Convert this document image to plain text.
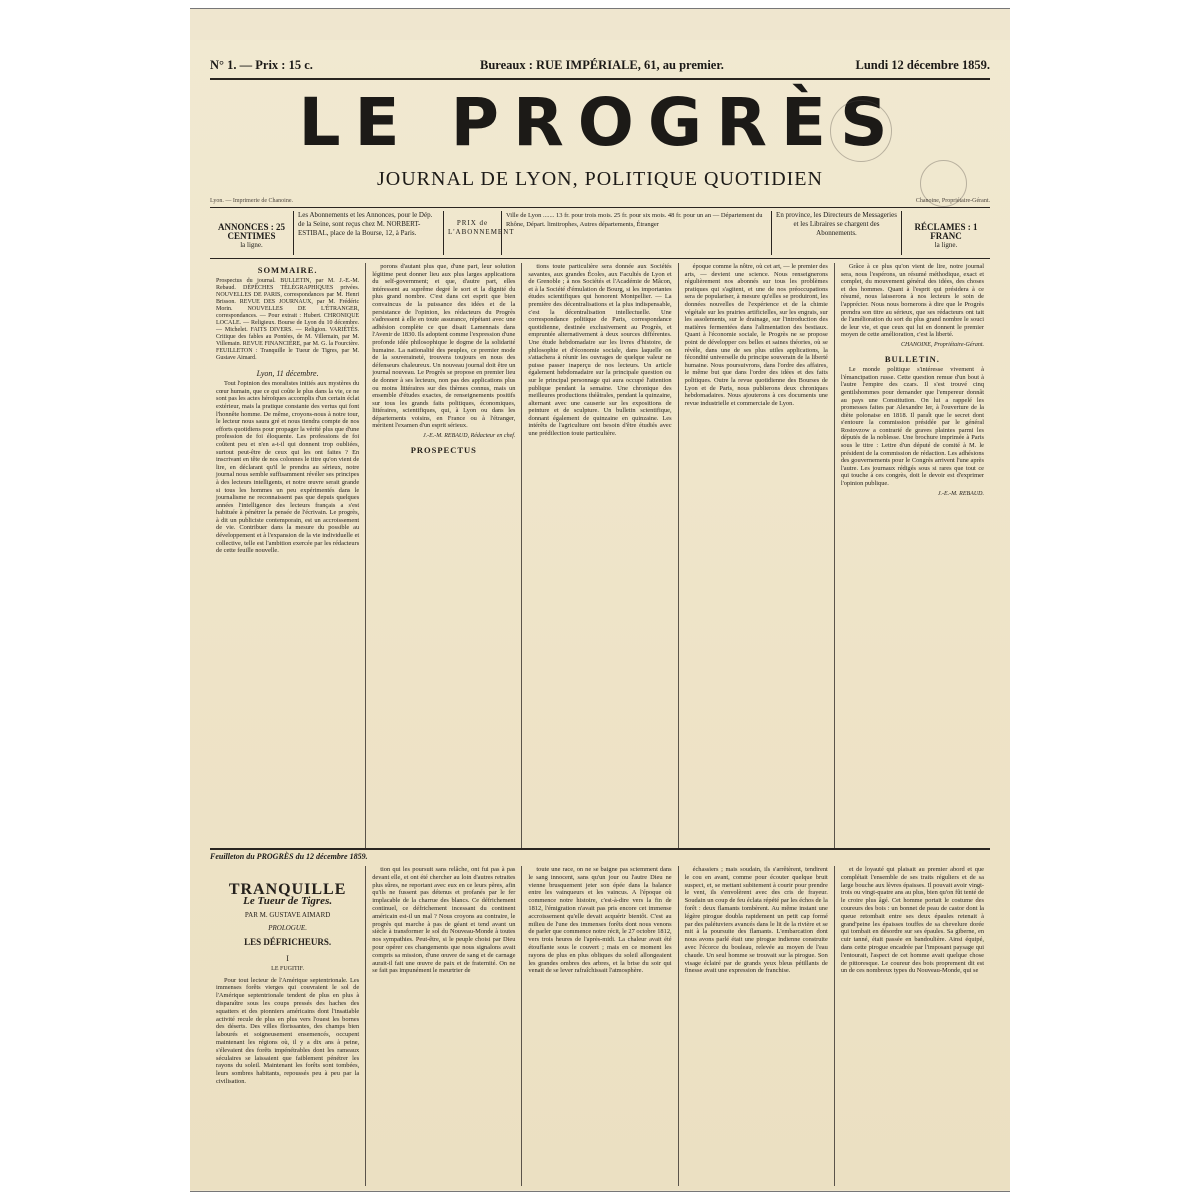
N° 1. — Prix : 15 c.	Bureaux : RUE IMPÉRIALE, 61, au premier.	Lundi 12 décembre 1859.
LE PROGRÈS
JOURNAL DE LYON, POLITIQUE QUOTIDIEN
Lyon. — Imprimerie de Chanoine.	Chanoine, Propriétaire-Gérant.
ANNONCES : 25 CENTIMES
la ligne.
Les Abonnements et les Annonces, pour le Dép. de la Seine, sont reçus chez M. NORBERT-ESTIBAL, place de la Bourse, 12, à Paris.
PRIX de L'ABONNEMENT
Ville de Lyon ....... 13 fr. pour trois mois. 25 fr. pour six mois. 48 fr. pour un an — Département du Rhône, Départ. limitrophes, Autres départements, Étranger
En province, les Directeurs de Messageries et les Libraires se chargent des Abonnements.
RÉCLAMES : 1 FRANC
la ligne.
SOMMAIRE.
Prospectus du journal. BULLETIN, par M. J.-E.-M. Rebaud. DÉPÊCHES TÉLÉGRAPHIQUES privées. NOUVELLES DE PARIS, correspondances par M. Henri Brisson. REVUE DES JOURNAUX, par M. Frédéric Morin. NOUVELLES DE L'ÉTRANGER, correspondances. — Pour extrait : Hubert. CHRONIQUE LOCALE. — Religieux. Bourse de Lyon du 10 décembre. — Michelet. FAITS DIVERS. — Religion. VARIÉTÉS. Critique des fables au Pontées, de M. Villemain, par M. Villemain. REVUE FINANCIÈRE, par M. G. la Fourcière. FEUILLETON : Tranquille le Tueur de Tigres, par M. Gustave Aimard.
Lyon, 11 décembre.

Tout l'opinion des moralistes initiés aux mystères du cœur humain, que ce qui coûte le plus dans la vie, ce ne sont pas les actes héroïques accomplis d'un certain éclat extérieur, mais la pratique constante des vertus qui font l'honnête homme. De même, croyons-nous à notre tour, le lecteur nous saura gré et nous tiendra compte de nos efforts quotidiens pour propager la vérité plus que d'une profession de foi éloquente. Les professions de foi coûtent peu et n'en a-t-il qui donnent trop oubliées, surtout peut-être de ceux qui les ont faites ? En inscrivant en tête de nos colonnes le titre qu'on vient de lire, en déclarant qu'il le prendra au sérieux, notre journal nous semble suffisamment révéler ses principes à des lecteurs intelligents, et notre œuvre serait grande si tous les hommes un peu expérimentés dans le journalisme ne reconnaissent pas que depuis quelques années l'intelligence des lecteurs français a s'est habituée à pénétrer la pensée de l'écrivain. Le progrès, à dit un publiciste contemporain, est un accroissement de vie. Contribuer dans la mesure du possible au développement et à l'expansion de la vie individuelle et collective, telle est l'ambition exercée par les rédacteurs de cette feuille nouvelle.

porons d'autant plus que, d'une part, leur solution légitime peut donner lieu aux plus larges applications du self-government; et que, d'autre part, elles intéressent au suprême degré le sort et la dignité du plus grand nombre. C'est dans cet esprit que bien convaincus de la puissance des idées et de la persistance de l'opinion, les rédacteurs du Progrès s'adressent à elle en toute assurance, répétant avec une adhésion complète ce que disait Lamennais dans l'Avenir de 1830. Ils adoptent comme l'expression d'une profonde idée philosophique le dogme de la solidarité humaine. La nationalité des peuples, ce premier mode de la souveraineté, trouvera toujours en nous des défenseurs chaleureux. Un nouveau journal doit être un journal nouveau. Le Progrès se propose en premier lieu de donner à ses lecteurs, non pas des applications plus ou moins littéraires sur des thèmes connus, mais un ensemble d'études exactes, de renseignements positifs sur tous les grands faits politiques, économiques, littéraires, scientifiques, qui, à Lyon ou dans les départements voisins, en France ou à l'étranger, méritent l'examen d'un esprit sérieux.

J.-E.-M. REBAUD, Rédacteur en chef.
PROSPECTUS

tions toute particulière sera donnée aux Sociétés savantes, aux grandes Écoles, aux Facultés de Lyon et de Grenoble ; à nos Sociétés et l'Académie de Mâcon, et à la Société d'émulation de Bourg, si les importantes études scientifiques qui honorent Montpellier. — La première des décentralisations et la plus indispensable, c'est la décentralisation intellectuelle. Une correspondance politique de Paris, correspondance quotidienne, destinée exclusivement au Progrès, et empruntée alternativement à deux sources différentes. Une étude hebdomadaire sur les livres d'histoire, de philosophie et d'économie sociale, dans laquelle on s'attachera à réunir les ouvrages de quelque valeur ne puisse passer inaperçu de nos lecteurs. Un article également hebdomadaire sur la principale question ou sur le principal personnage qui aura occupé l'attention publique pendant la semaine. Une chronique des meilleures productions théâtrales, pendant la quinzaine, alternant avec une causerie sur les expositions de peinture et de sculpture. Un bulletin scientifique, donnant également de quinzaine en quinzaine. Les intérêts de l'agriculture ont besoin d'être étudiés avec une prédilection toute particulière.

époque comme la nôtre, où cet art, — le premier des arts, — devient une science. Nous renseignerons régulièrement nos abonnés sur tous les problèmes pratiques qui s'agitent, et une de nos préoccupations sera de populariser, à mesure qu'elles se produiront, les données nouvelles de l'expérience et de la chimie végétale sur les prairies artificielles, sur les engrais, sur les assolements, sur le drainage, sur l'introduction des matières fermentées dans l'alimentation des bestiaux. Quant à l'économie sociale, le Progrès ne se propose point de développer ces belles et saines théories, où se révèle, dans une de ses plus utiles applications, la fécondité universelle du principe souverain de la liberté humaine. Nous poursuivrons, dans l'ordre des affaires, le même but que dans l'ordre des idées et des faits politiques. Outre la revue quotidienne des Bourses de Lyon et de Paris, nous publierons deux chroniques hebdomadaires. Nous ajouterons à ces documents une revue industrielle et commerciale de Lyon.

Grâce à ce plus qu'on vient de lire, notre journal sera, nous l'espérons, un résumé méthodique, exact et complet, du mouvement général des idées, des choses et des hommes. Quant à l'esprit qui présidera à ce résumé, nous laisserons à nos lecteurs le soin de l'apprécier. Nous nous bornerons à dire que le Progrès prendra son titre au sérieux, que ses rédacteurs ont tait de l'amélioration du sort du plus grand nombre le souci de leur vie, et que ceux qui lui en donnent le premier moyen de cette amélioration, c'est la liberté.

CHANOINE, Propriétaire-Gérant.
BULLETIN.

Le monde politique s'intéresse vivement à l'émancipation russe. Cette question remue d'un bout à l'autre l'empire des czars. Il s'est trouvé cinq gentilshommes pour demander que l'empereur donnât au pays une Constitution. On lui a rappelé les promesses faites par Alexandre Ier, à l'ouverture de la diète polonaise en 1818. Il paraît que le secret dont s'entoure la commission présidée par le général Rostovzow a contrarié de graves plaintes parmi les députés de la noblesse. Une brochure imprimée à Paris sous le titre : Lettre d'un député de comité à M. le président de la commission de rédaction. Les adhésions des gouvernements pour le Congrès arrivent l'une après l'autre. Les journaux rédigés sous si rares que tout ce qui touche à ces congrès, doit le devoir est d'exprimer l'opinion publique.

J.-E.-M. REBAUD.
Feuilleton du PROGRÈS du 12 décembre 1859.
TRANQUILLE
Le Tueur de Tigres.
PAR M. GUSTAVE AIMARD
PROLOGUE.
LES DÉFRICHEURS.
I
LE FUGITIF.

Pour tout lecteur de l'Amérique septentrionale. Les immenses forêts vierges qui couvraient le sol de l'Amérique septentrionale tendent de plus en plus à disparaître sous les coups pressés des haches des squatters et des pionniers américains dont l'insatiable activité recule de plus en plus vers l'ouest les bornes des déserts. Des villes florissantes, des champs bien labourés et soigneusement ensemencés, occupent maintenant les régions où, il y a dix ans à peine, s'élevaient des forêts impénétrables dont les rameaux séculaires se laissaient que faiblement pénétrer les rayons du soleil. Maintenant les forêts sont tombées, leurs sombres habitants, repoussés peu à peu par la civilisation.

tion qui les poursuit sans relâche, ont fui pas à pas devant elle, et ont été chercher au loin d'autres retraites plus sûres, ne reportant avec eux en ce leurs pères, afin qu'ils ne fussent pas détenus et profanés par le fer implacable de la charrue des blancs. Ce défrichement continuel, ce défrichement incessant du continent américain est-il un mal ? Nous croyons au contraire, le progrès qui marche à pas de géant et tend avant un siècle à transformer le sol du Nouveau-Monde à toutes nos sympathies. Peut-être, si le peuple choisi par Dieu pour opérer ces changements que nous signalons avait compris sa mission, d'une œuvre de sang et de carnage aurait-il fait une œuvre de paix et de fraternité. On ne se fait pas impunément le meurtrier de

toute une race, on ne se baigne pas sciemment dans le sang innocent, sans qu'un jour ou l'autre Dieu ne vienne brusquement jeter son épée dans la balance entre les vainqueurs et les vaincus. A l'époque où commence notre histoire, c'est-à-dire vers la fin de 1812, l'émigration n'avait pas pris encore cet immense accroissement qu'elle devait acquérir bientôt. C'est au milieu de l'une des immenses forêts dont nous venons de parler que commence notre récit, le 27 octobre 1812, vers trois heures de l'après-midi. La chaleur avait été étouffante sous le couvert ; mais en ce moment les rayons de plus en plus obliques du soleil allongeaient les grandes ombres des arbres, et la brise du soir qui venait de se lever rafraîchissait l'atmosphère.

échassiers ; mais soudain, ils s'arrêtèrent, tendirent le cou en avant, comme pour écouter quelque bruit suspect, et, se mettant subitement à courir pour prendre le vent, ils s'envolèrent avec des cris de frayeur. Soudain un coup de feu éclata répété par les échos de la forêt : deux flamants tombèrent. Au même instant une légère pirogue doubla rapidement un petit cap formé par des palétuviers avancés dans le lit de la rivière et se mit à la poursuite des flamants. L'embarcation dont nous avons parlé était une pirogue indienne construite avec l'écorce du bouleau, relevée au moyen de l'eau chaude. Un seul homme se trouvait sur la pirogue. Son visage éclairé par de grands yeux bleus pétillants de finesse avait une expression de franchise.

et de loyauté qui plaisait au premier abord et que complétait l'ensemble de ses traits réguliers et de sa large bouche aux lèvres épaisses. Il pouvait avoir vingt-trois ou vingt-quatre ans au plus, bien qu'on fût tenté de le croire plus âgé. Cet homme portait le costume des coureurs des bois : un bonnet de peau de castor dont la queue retombait entre ses deux épaules retenait à grand'peine les épaisses touffes de sa chevelure dorée qui tombait en désordre sur ses épaules. Sa giberne, en cuir tanné, était passée en bandoulière. Ainsi équipé, dans cette pirogue encadrée par l'imposant paysage qui l'entourait, l'aspect de cet homme avait quelque chose de pittoresque. Le coureur des bois proprement dit est un de ces nombreux types du Nouveau-Monde, qui se
